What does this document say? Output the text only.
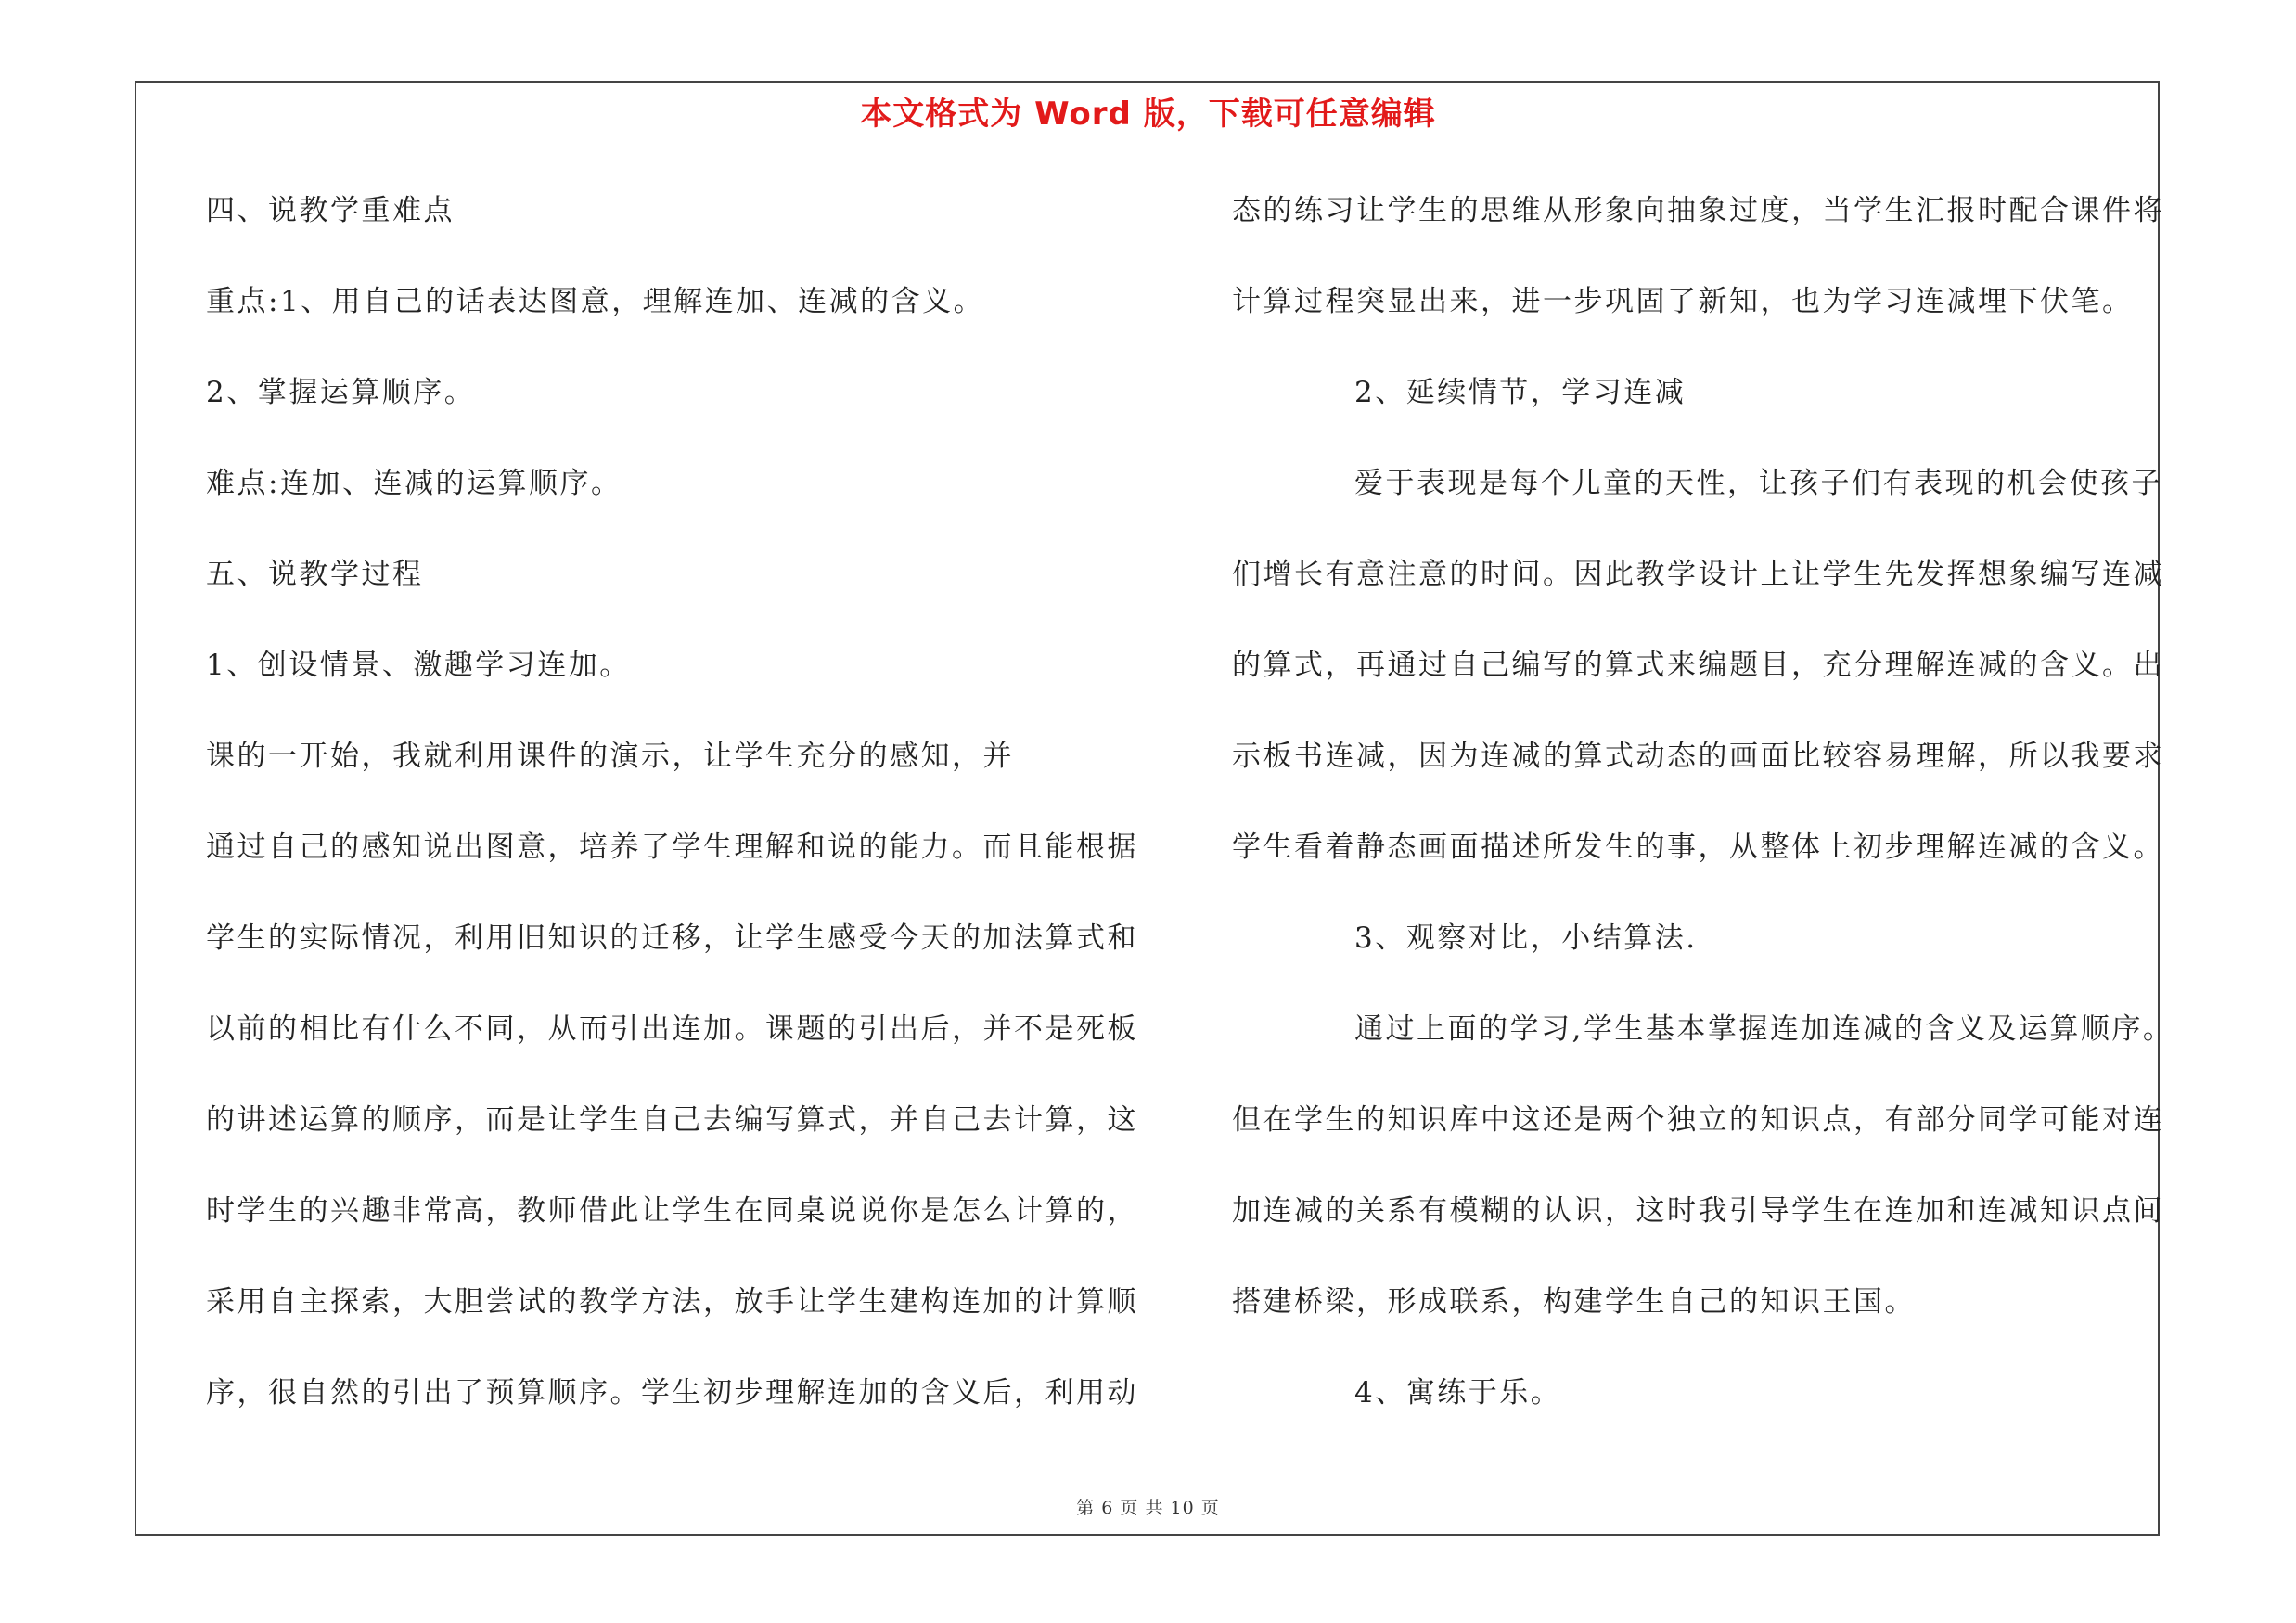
本文格式为 Word 版，下载可任意编辑
四、说教学重难点
重点:1、用自己的话表达图意，理解连加、连减的含义。
2、掌握运算顺序。
难点:连加、连减的运算顺序。
五、说教学过程
1、创设情景、激趣学习连加。
课的一开始，我就利用课件的演示，让学生充分的感知，并
通过自己的感知说出图意，培养了学生理解和说的能力。而且能根据
学生的实际情况，利用旧知识的迁移，让学生感受今天的加法算式和
以前的相比有什么不同，从而引出连加。课题的引出后，并不是死板
的讲述运算的顺序，而是让学生自己去编写算式，并自己去计算，这
时学生的兴趣非常高，教师借此让学生在同桌说说你是怎么计算的，
采用自主探索，大胆尝试的教学方法，放手让学生建构连加的计算顺
序，很自然的引出了预算顺序。学生初步理解连加的含义后，利用动
态的练习让学生的思维从形象向抽象过度，当学生汇报时配合课件将
计算过程突显出来，进一步巩固了新知，也为学习连减埋下伏笔。
2、延续情节，学习连减
爱于表现是每个儿童的天性，让孩子们有表现的机会使孩子
们增长有意注意的时间。因此教学设计上让学生先发挥想象编写连减
的算式，再通过自己编写的算式来编题目，充分理解连减的含义。出
示板书连减，因为连减的算式动态的画面比较容易理解，所以我要求
学生看着静态画面描述所发生的事，从整体上初步理解连减的含义。
3、观察对比，小结算法.
通过上面的学习,学生基本掌握连加连减的含义及运算顺序。
但在学生的知识库中这还是两个独立的知识点，有部分同学可能对连
加连减的关系有模糊的认识，这时我引导学生在连加和连减知识点间
搭建桥梁，形成联系，构建学生自己的知识王国。
4、寓练于乐。
第 6 页 共 10 页
